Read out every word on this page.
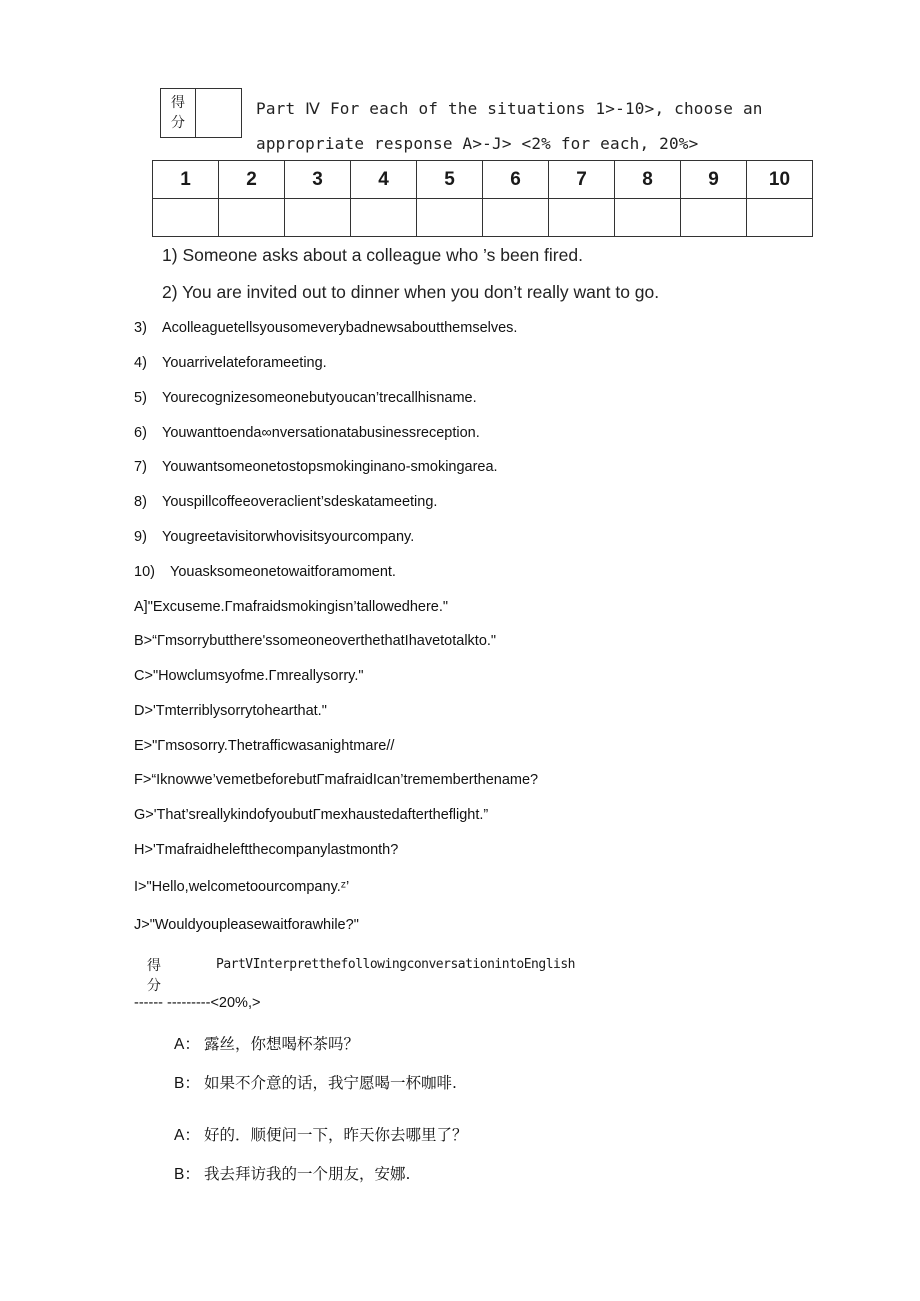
得
分
Part Ⅳ For each of the situations 1>-10>, choose an
appropriate response A>-J> <2% for each, 20%>
1	2	3	4	5	6	7	8	9	10

1) Someone asks about a colleague who ’s been fired.
2) You are invited out to dinner when you don’t really want to go.
3) Acolleaguetellsyousomeverybadnewsaboutthemselves.
4) Youarrivelateforameeting.
5) Yourecognizesomeonebutyoucan’trecallhisname.
6) Youwanttoenda∞nversationatabusinessreception.
7) Youwantsomeonetostopsmokinginano-smokingarea.
8) Youspillcoffeeoveraclient’sdeskatameeting.
9) Yougreetavisitorwhovisitsyourcompany.
10) Youasksomeonetowaitforamoment.
A]"Excuseme.Γmafraidsmokingisn’tallowedhere."
B>“Γmsorrybutthere'ssomeoneoverthethatIhavetotalkto."
C>"Howclumsyofme.Γmreallysorry."
D>'Tmterriblysorrytohearthat."
E>"Γmsosorry.Thetrafficwasanightmare//
F>“Iknowwe’vemetbeforebutΓmafraidIcan’trememberthename?
G>'That’sreallykindofyoubutΓmexhaustedaftertheflight.”
H>'Tmafraidheleftthecompanylastmonth?
I>"Hello,welcometoourcompany.ᶻ’
J>"Wouldyoupleasewaitforawhile?"
得
分
PartVInterpretthefollowingconversationintoEnglish
------ ---------<20%,>
A： 露丝，你想喝杯茶吗？
B： 如果不介意的话，我宁愿喝一杯咖啡.
A： 好的．顺便问一下，昨天你去哪里了？
B： 我去拜访我的一个朋友，安娜.
